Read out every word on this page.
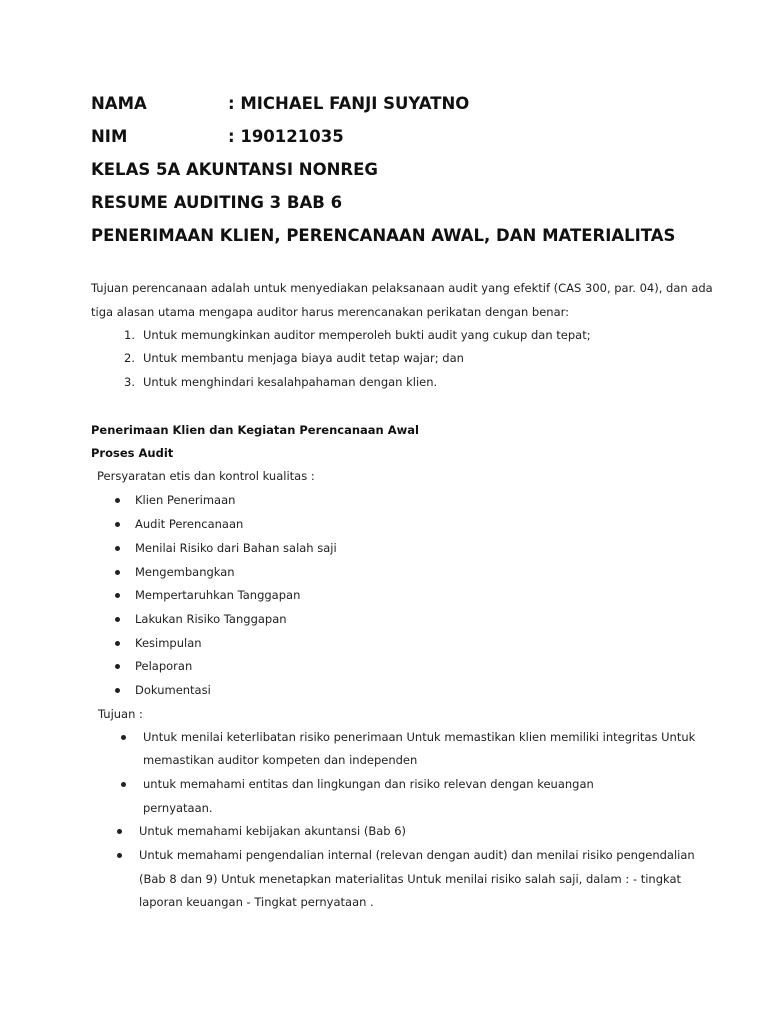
NAMA	: MICHAEL FANJI SUYATNO
NIM	: 190121035
KELAS 5A AKUNTANSI NONREG
RESUME AUDITING 3 BAB 6
PENERIMAAN KLIEN, PERENCANAAN AWAL, DAN MATERIALITAS
Tujuan perencanaan adalah untuk menyediakan pelaksanaan audit yang efektif (CAS 300, par. 04), dan ada
tiga alasan utama mengapa auditor harus merencanakan perikatan dengan benar:
1. Untuk memungkinkan auditor memperoleh bukti audit yang cukup dan tepat;
2. Untuk membantu menjaga biaya audit tetap wajar; dan
3. Untuk menghindari kesalahpahaman dengan klien.
Penerimaan Klien dan Kegiatan Perencanaan Awal
Proses Audit
Persyaratan etis dan kontrol kualitas :
Klien Penerimaan
Audit Perencanaan
Menilai Risiko dari Bahan salah saji
Mengembangkan
Mempertaruhkan Tanggapan
Lakukan Risiko Tanggapan
Kesimpulan
Pelaporan
Dokumentasi
Tujuan :
Untuk menilai keterlibatan risiko penerimaan Untuk memastikan klien memiliki integritas Untuk
memastikan auditor kompeten dan independen
untuk memahami entitas dan lingkungan dan risiko relevan dengan keuangan
pernyataan.
Untuk memahami kebijakan akuntansi (Bab 6)
Untuk memahami pengendalian internal (relevan dengan audit) dan menilai risiko pengendalian
(Bab 8 dan 9) Untuk menetapkan materialitas Untuk menilai risiko salah saji, dalam : - tingkat
laporan keuangan - Tingkat pernyataan .
